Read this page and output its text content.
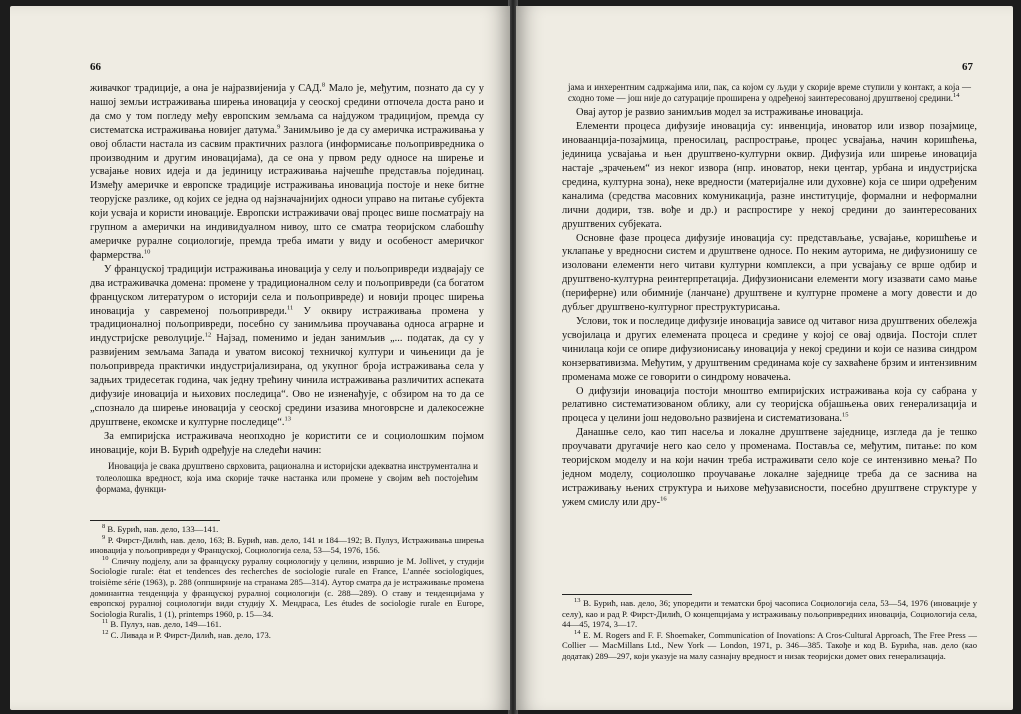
66

живачког традиције, а она је најразвијенија у САД.$^8$ Мало је, међутим, познато да су у нашој земљи истраживања ширења иновација у сеоској средини отпочела доста рано и да смо у том погледу међу европским земљама са најдужом традицијом, премда су систематска истраживања новијег датума.$^9$ Занимљиво је да су америчка истраживања у овој области настала из сасвим практичних разлога (информисање пољопривредника о производним и другим иновацијама), да се она у првом реду односе на ширење и усвајање нових идеја и да јединицу истраживања најчешће представља појединац. Између америчке и европске традиције истраживања иновација постоје и неке битне теорујске разлике, од којих се једна од најзначајнијих односи управо на питање субјекта који усваја и користи иновације. Европски истраживачи овај процес више посматрају на групном а амерички на индивидуалном нивоу, што се сматра теоријском слабошћу америчке руралне социологије, премда треба имати у виду и особеност америчког фармерства.$^{10}$

У француској традицији истраживања иновација у селу и пољопривреди издвајају се два истраживачка домена: промене у традиционалном селу и пољопривреди (са богатом француском литературом о историји села и пољопривреде) и новији процес ширења иновација у савременој пољопривреди.$^{11}$ У оквиру истраживања промена у традиционалној пољопривреди, посебно су занимљива проучавања односа аграрне и индустријске револуције.$^{12}$ Најзад, поменимо и један занимљив „... податак, да су у развијеним земљама Запада и уватом високој техничкој култури и чињеници да је пољопривреда практички индустријализирана, од укупног броја истраживања села у задњих тридесетак година, чак једну трећину чинила истраживања различитих аспеката дифузије иновација и њихових последица“. Ово не изненађује, с обзиром на то да се „спознало да ширење иновација у сеоској средини изазива многоврсне и далекосежне друштвене, екомске и културне послeдице“.$^{13}$

За емпиријска истраживача неопходно је користити се и социолошким појмом иновације, који В. Бурић одређује на следећи начин:

Иновација је свака друштвено сврховита, рационална и историјски адекватна инструментална и толеолошка вредност, која има скорије тачке настанка или промене у својим већ постојећим формама, функци-

$^8$ В. Бурић, нав. дело, 133—141.

$^9$ Р. Фирст-Дилић, нав. дело, 163; В. Бурић, нав. дело, 141 и 184—192; В. Пулуз, Истраживања ширења иновација у пољопривреди у Француској, Социологија села, 53—54, 1976, 156.

$^{10}$ Сличну подјелу, али за француску руралну социологију у целини, извршио је M. Jollivet, у студији Sociologie rurale: état et tendences des recherches de sociologie rurale en France, L’année sociologiques, troisième série (1963), p. 288 (оппширније на странама 285—314). Аутор сматра да је истраживање промена доминантна тенденција у француској руралној социологији (с. 288—289). О ставу и тенденцијама у европској руралној социологији види студију Х. Мендраса, Les études de sociologie rurale en Europe, Sociologia Ruralis, 1 (1), printemps 1960, p. 15—34.

$^{11}$ В. Пулуз, нав. дело, 149—161.

$^{12}$ С. Ливада и Р. Фирст-Дилић, нав. дело, 173.

67

јама и инхерентним садржајима или, пак, са којом су људи у скорије време ступили у контакт, а која — сходно томе — још није до сатурације проширена у одређеној заинтересованој друштвеној средини.$^{14}$

Овај аутор је развио занимљив модел за истраживање иновација.

Елементи процеса дифузије иновација су: инвенција, иноватор или извор позајмице, иноваанција-позајмица, преносилац, распрострање, процес усвајања, начин коришћења, јединица усвајања и њен друштвено-културни оквир. Дифузија или ширење иновација настаје „зрачењем“ из неког извора (нпр. иноватор, неки центар, урбана и индустријска средина, културна зона), неке вредности (материјалне или духовне) која се шири одређеним каналима (средства масовних комуникација, разне институције, формални и неформални лични додири, тзв. вође и др.) и распростире у некој средини до заинтересованих друштвених субјеката.

Основне фазе процеса дифузије иновација су: представљање, усвајање, коришћење и уклапање у вредносни систем и друштвене односе. По неким ауторима, не дифузионишу се изоловани елементи него читави културни комплекси, а при усвајању се врше одбир и друштвено-културна реинтерпретација. Дифузионисани елементи могу изазвати само мање (периферне) или обимније (ланчане) друштвене и културне промене а могу довести и до дубљег друштвено-културног преструктурисања.

Услови, ток и последице дифузије иновација зависе од читавог низа друштвених обележја усвојилаца и других елемената процеса и средине у којој се овај одвија. Постоји сплет чинилаца који се опире дифузионисању иновација у некој средини и који се назива синдром конзервативизма. Међутим, у друштвеним срединама које су захваћене брзим и интензивним променама може се говорити о синдрому новачења.

О дифузији иновација постоји мноштво емпиријских истраживања која су сабрана у релативно систематизованом облику, али су теоријска објашњења ових генерализација и процеса у целини још недовољно развијена и систематизована.$^{15}$

Данашње село, као тип насеља и локалне друштвене заједнице, изгледа да је тешко проучавати другачије него као село у променама. Поставља се, међутим, питање: по ком теоријском моделу и на који начин треба истраживати село које се интензивно мења? По једном моделу, социолошко проучавање локалне заједнице треба да се заснива на истраживању њених структура и њихове међузависности, посебно друштвене структуре у ужем смислу или дру-$^{16}$

$^{13}$ В. Бурић, нав. дело, 36; упоредити и тематски број часописа Социологија села, 53—54, 1976 (иновације у селу), као и рад Р. Фирст-Дилић, О концепцијама у истраживању пољопривредних иновација, Социологија села, 44—45, 1974, 3—17.

$^{14}$ E. M. Rogers and F. F. Shoemaker, Communication of Inovations: A Cros-Cultural Approach, The Free Press — Collier — MacMillans Ltd., New York — London, 1971, p. 346—385. Такође и код В. Бурића, нав. дело (као додатак) 289—297, који указује на малу сазнајну вредност и низак теоријски домет ових генерализација.
